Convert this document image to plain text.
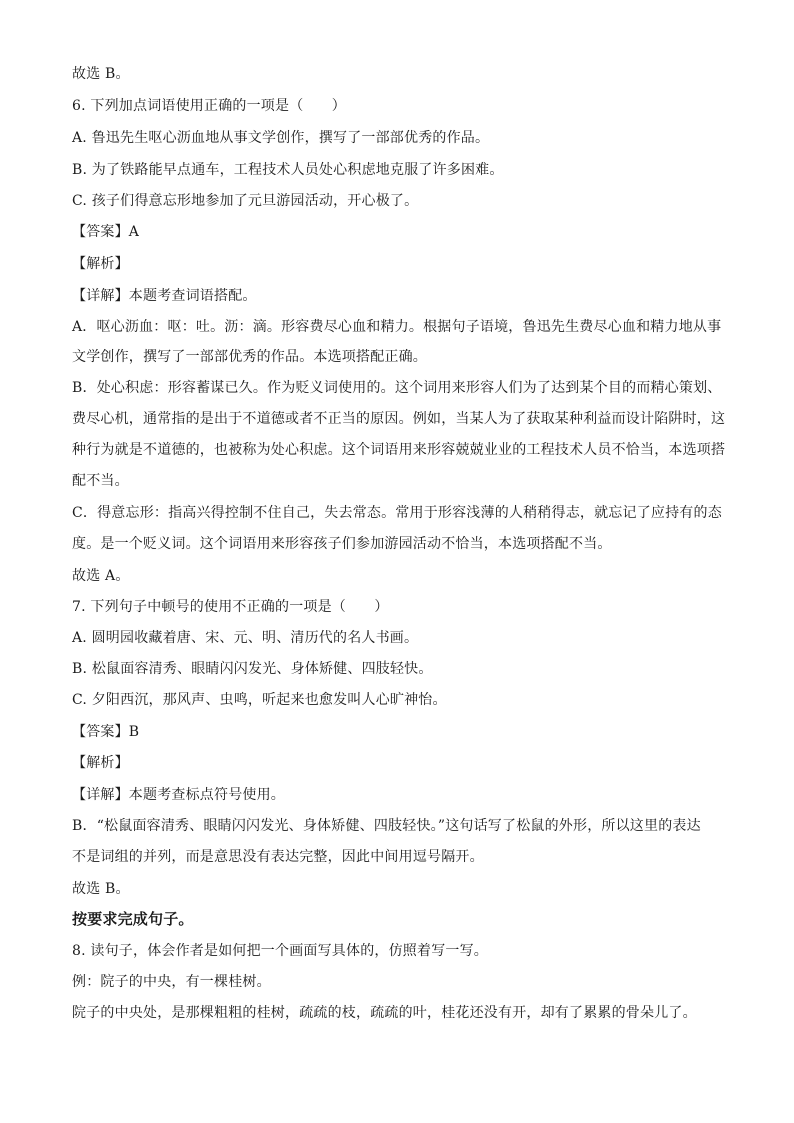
故选 B。
6. 下列加点词语使用正确的一项是（　　）
A. 鲁迅先生呕心沥血地从事文学创作，撰写了一部部优秀的作品。
B. 为了铁路能早点通车，工程技术人员处心积虑地克服了许多困难。
C. 孩子们得意忘形地参加了元旦游园活动，开心极了。
【答案】A
【解析】
【详解】本题考查词语搭配。
A．呕心沥血：呕：吐。沥：滴。形容费尽心血和精力。根据句子语境，鲁迅先生费尽心血和精力地从事
文学创作，撰写了一部部优秀的作品。本选项搭配正确。
B．处心积虑：形容蓄谋已久。作为贬义词使用的。这个词用来形容人们为了达到某个目的而精心策划、
费尽心机，通常指的是出于不道德或者不正当的原因。例如，当某人为了获取某种利益而设计陷阱时，这
种行为就是不道德的，也被称为处心积虑。这个词语用来形容兢兢业业的工程技术人员不恰当，本选项搭
配不当。
C．得意忘形：指高兴得控制不住自己，失去常态。常用于形容浅薄的人稍稍得志，就忘记了应持有的态
度。是一个贬义词。这个词语用来形容孩子们参加游园活动不恰当，本选项搭配不当。
故选 A。
7. 下列句子中顿号的使用不正确的一项是（　　）
A. 圆明园收藏着唐、宋、元、明、清历代的名人书画。
B. 松鼠面容清秀、眼睛闪闪发光、身体矫健、四肢轻快。
C. 夕阳西沉，那风声、虫鸣，听起来也愈发叫人心旷神怡。
【答案】B
【解析】
【详解】本题考查标点符号使用。
B．“松鼠面容清秀、眼睛闪闪发光、身体矫健、四肢轻快。”这句话写了松鼠的外形，所以这里的表达
不是词组的并列，而是意思没有表达完整，因此中间用逗号隔开。
故选 B。
按要求完成句子。
8. 读句子，体会作者是如何把一个画面写具体的，仿照着写一写。
例：院子的中央，有一棵桂树。
院子的中央处，是那棵粗粗的桂树，疏疏的枝，疏疏的叶，桂花还没有开，却有了累累的骨朵儿了。
